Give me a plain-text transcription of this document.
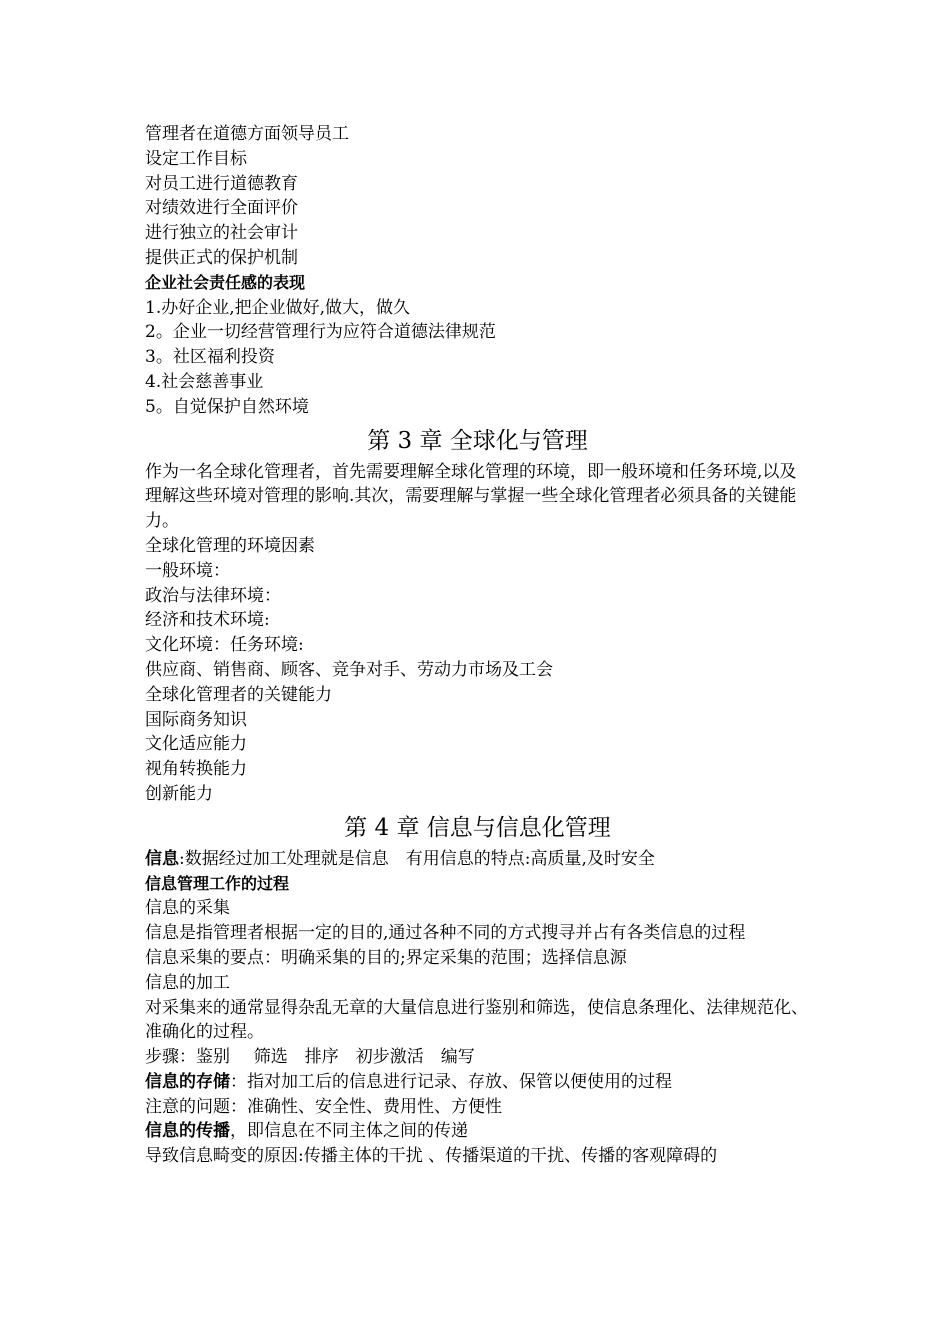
管理者在道德方面领导员工
设定工作目标
对员工进行道德教育
对绩效进行全面评价
进行独立的社会审计
提供正式的保护机制
企业社会责任感的表现
1.办好企业,把企业做好,做大，做久
2。企业一切经营管理行为应符合道德法律规范
3。社区福利投资
4.社会慈善事业
5。自觉保护自然环境
第 3 章 全球化与管理
作为一名全球化管理者，首先需要理解全球化管理的环境，即一般环境和任务环境,以及理解这些环境对管理的影响.其次，需要理解与掌握一些全球化管理者必须具备的关键能力。
全球化管理的环境因素
一般环境：
政治与法律环境：
经济和技术环境:
文化环境：任务环境:
供应商、销售商、顾客、竞争对手、劳动力市场及工会
全球化管理者的关键能力
国际商务知识
文化适应能力
视角转换能力
创新能力
第 4 章 信息与信息化管理
信息:数据经过加工处理就是信息 有用信息的特点:高质量,及时安全
信息管理工作的过程
信息的采集
信息是指管理者根据一定的目的,通过各种不同的方式搜寻并占有各类信息的过程
信息采集的要点：明确采集的目的;界定采集的范围；选择信息源
信息的加工
对采集来的通常显得杂乱无章的大量信息进行鉴别和筛选，使信息条理化、法律规范化、准确化的过程。
步骤：鉴别 筛选 排序 初步激活 编写
信息的存储：指对加工后的信息进行记录、存放、保管以便使用的过程
注意的问题：准确性、安全性、费用性、方便性
信息的传播，即信息在不同主体之间的传递
导致信息畸变的原因:传播主体的干扰 、传播渠道的干扰、传播的客观障碍的
